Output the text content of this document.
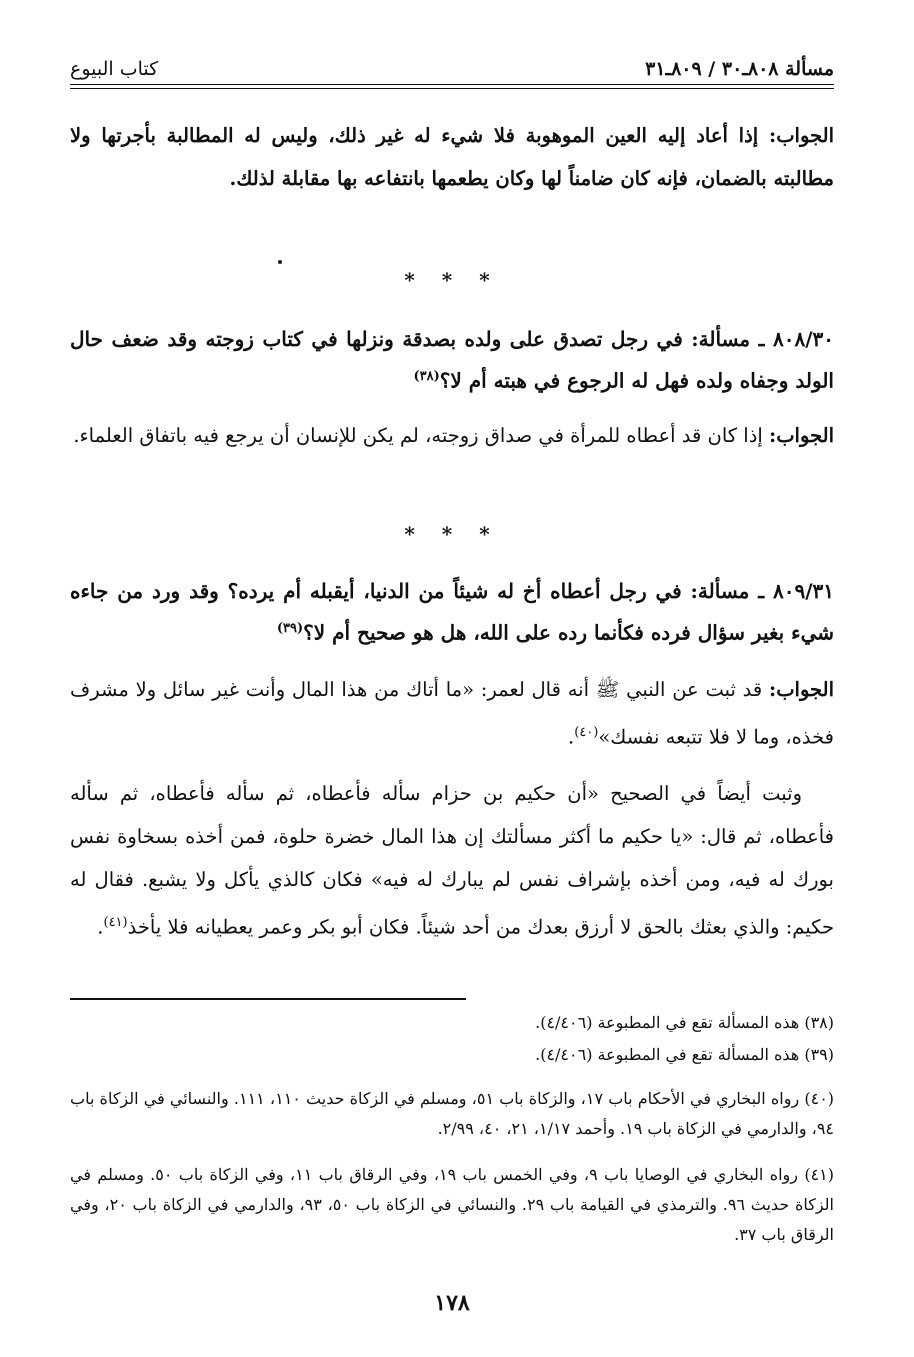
مسألة ٨٠٨ـ٣٠ / ٨٠٩ـ٣١
كتاب البيوع
الجواب: إذا أعاد إليه العين الموهوبة فلا شيء له غير ذلك، وليس له المطالبة بأجرتها ولا مطالبته بالضمان، فإنه كان ضامناً لها وكان يطعمها بانتفاعه بها مقابلة لذلك.
* * *
٨٠٨/٣٠ ـ مسألة: في رجل تصدق على ولده بصدقة ونزلها في كتاب زوجته وقد ضعف حال الولد وجفاه ولده فهل له الرجوع في هبته أم لا؟$^{(٣٨)}$
الجواب: إذا كان قد أعطاه للمرأة في صداق زوجته، لم يكن للإنسان أن يرجع فيه باتفاق العلماء.
* * *
٨٠٩/٣١ ـ مسألة: في رجل أعطاه أخ له شيئاً من الدنيا، أيقبله أم يرده؟ وقد ورد من جاءه شيء بغير سؤال فرده فكأنما رده على الله، هل هو صحيح أم لا؟$^{(٣٩)}$
الجواب: قد ثبت عن النبي ﷺ أنه قال لعمر: «ما أتاك من هذا المال وأنت غير سائل ولا مشرف فخذه، وما لا فلا تتبعه نفسك»$^{(٤٠)}$.
وثبت أيضاً في الصحيح «أن حكيم بن حزام سأله فأعطاه، ثم سأله فأعطاه، ثم سأله فأعطاه، ثم قال: «يا حكيم ما أكثر مسألتك إن هذا المال خضرة حلوة، فمن أخذه بسخاوة نفس بورك له فيه، ومن أخذه بإشراف نفس لم يبارك له فيه» فكان كالذي يأكل ولا يشبع. فقال له حكيم: والذي بعثك بالحق لا أرزق بعدك من أحد شيئاً. فكان أبو بكر وعمر يعطيانه فلا يأخذ$^{(٤١)}$.
(٣٨) هذه المسألة تقع في المطبوعة (٤/٤٠٦).
(٣٩) هذه المسألة تقع في المطبوعة (٤/٤٠٦).
(٤٠) رواه البخاري في الأحكام باب ١٧، والزكاة باب ٥١، ومسلم في الزكاة حديث ١١٠، ١١١. والنسائي في الزكاة باب ٩٤، والدارمي في الزكاة باب ١٩. وأحمد ١/١٧، ٢١، ٤٠، ٢/٩٩.
(٤١) رواه البخاري في الوصايا باب ٩، وفي الخمس باب ١٩، وفي الرقاق باب ١١، وفي الزكاة باب ٥٠. ومسلم في الزكاة حديث ٩٦. والترمذي في القيامة باب ٢٩. والنسائي في الزكاة باب ٥٠، ٩٣، والدارمي في الزكاة باب ٢٠، وفي الرقاق باب ٣٧.
١٧٨
